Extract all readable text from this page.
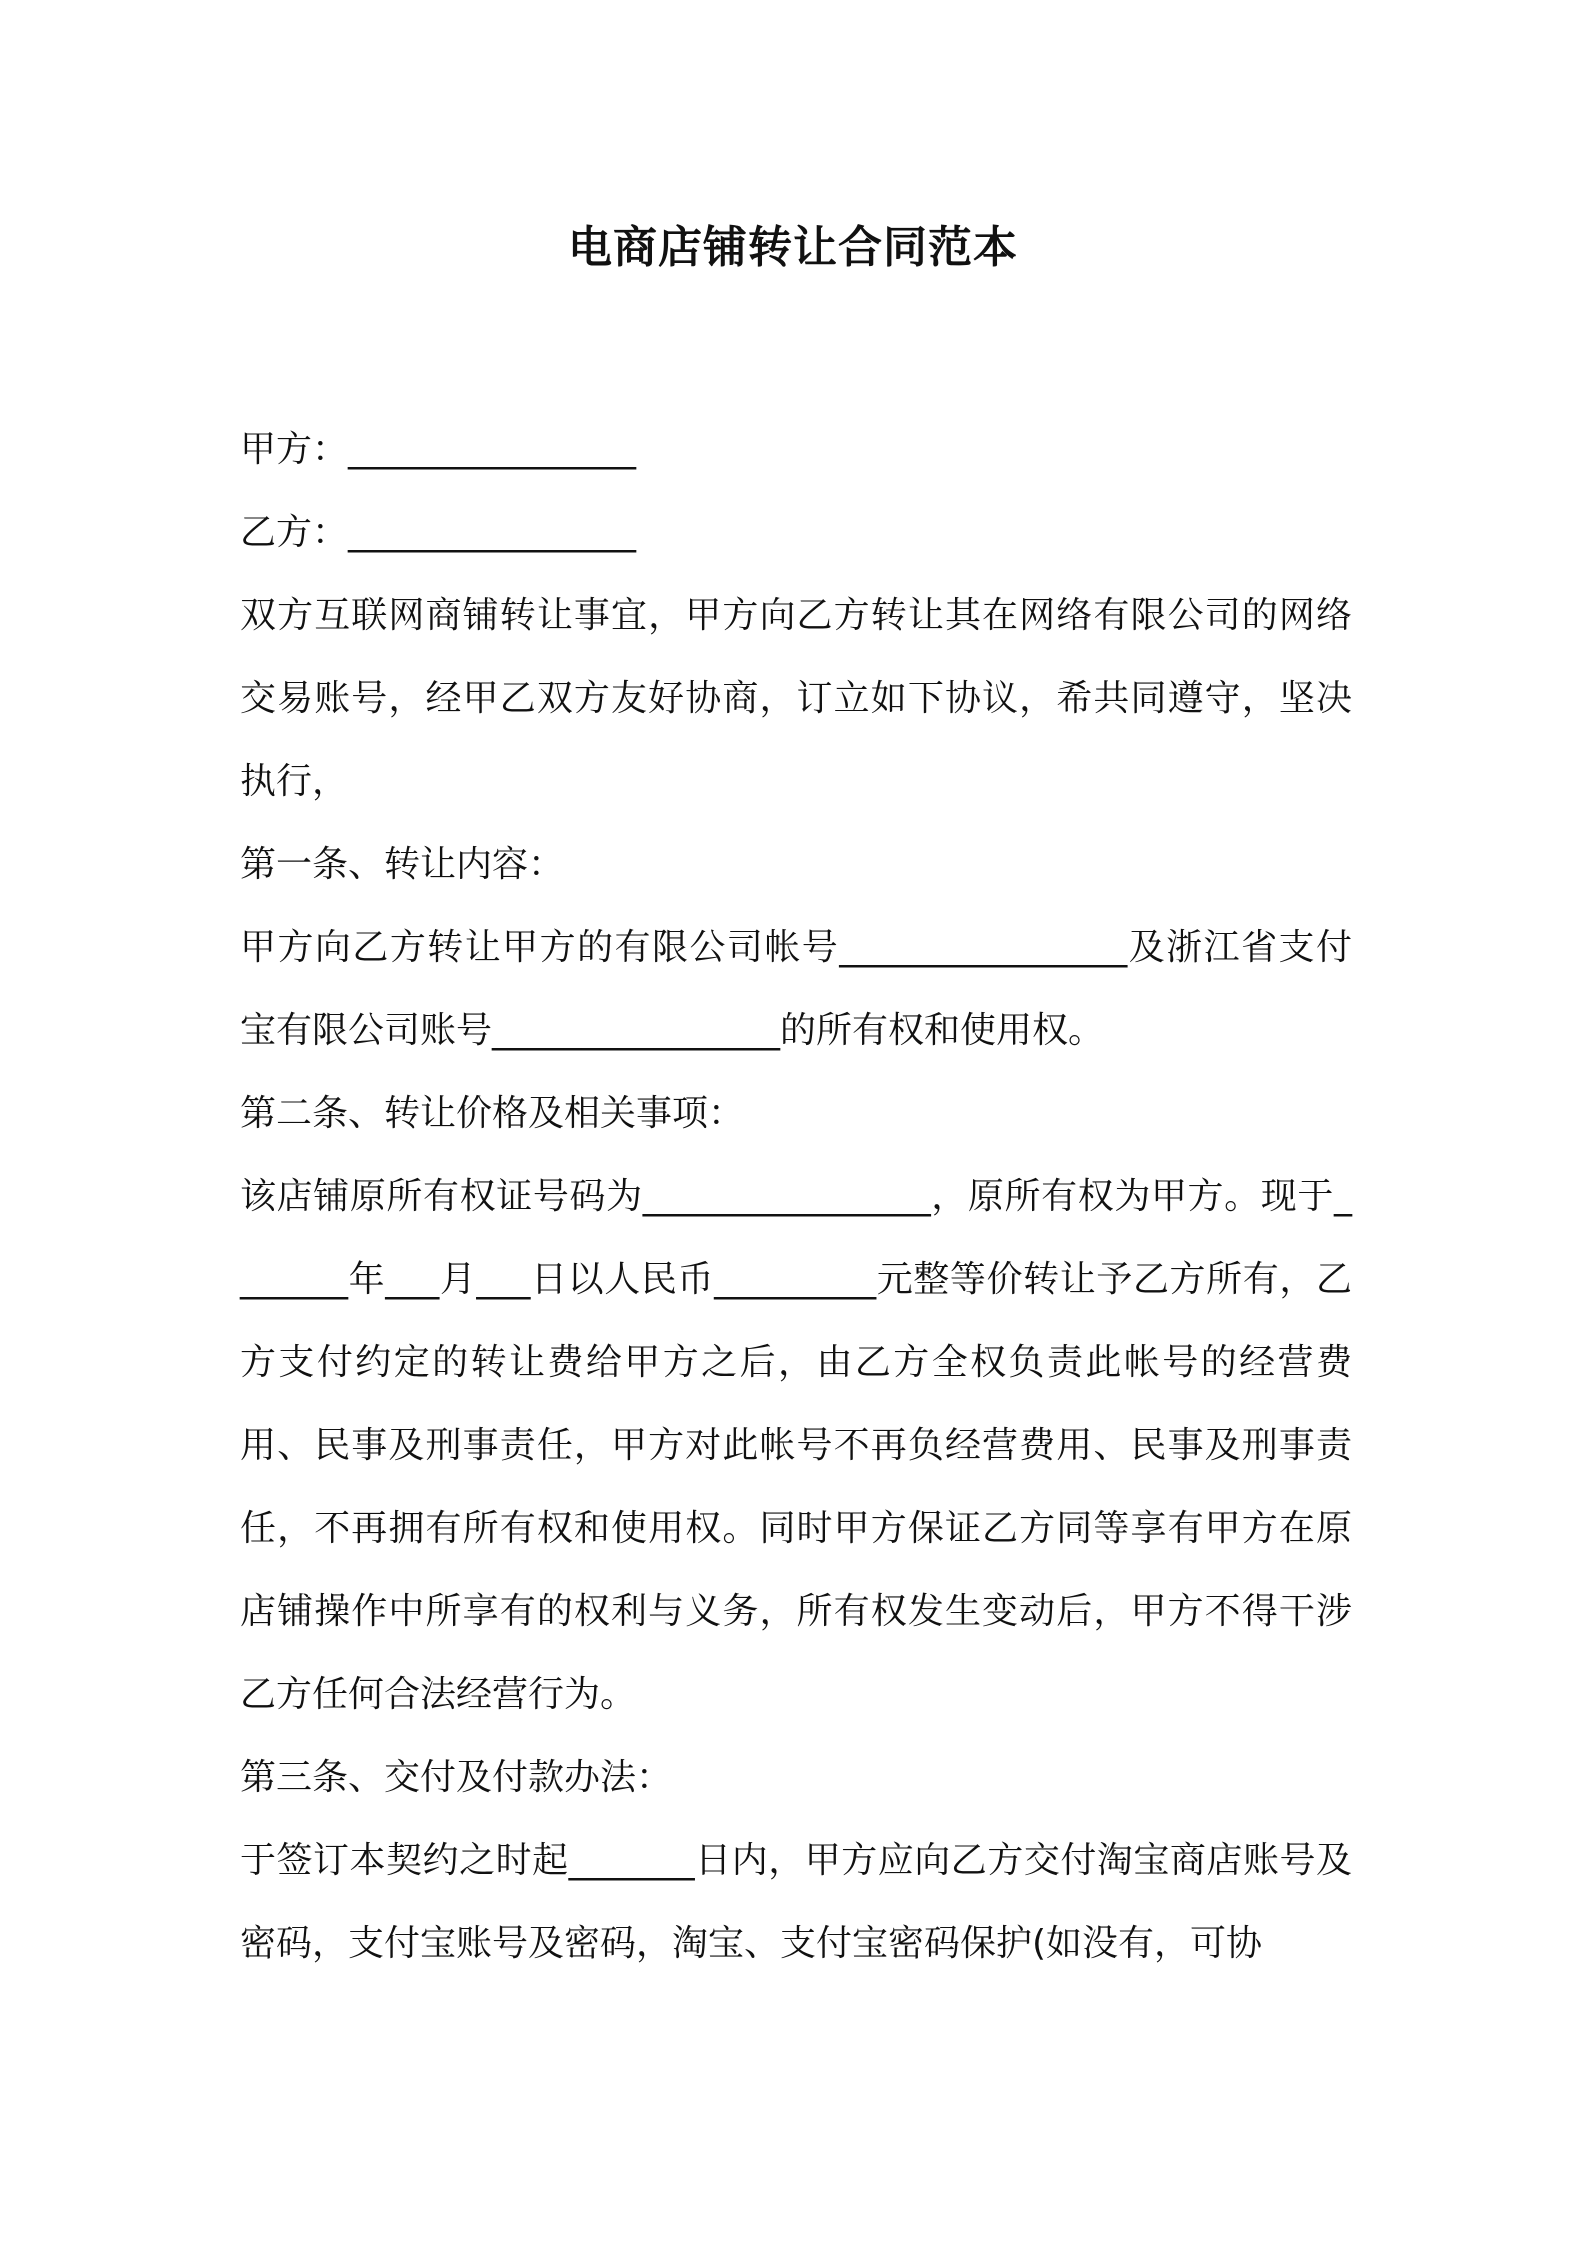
电商店铺转让合同范本

甲方：________________

乙方：________________

双方互联网商铺转让事宜，甲方向乙方转让其在网络有限公司的网络交易账号，经甲乙双方友好协商，订立如下协议，希共同遵守，坚决执行，

第一条、转让内容：

甲方向乙方转让甲方的有限公司帐号________________及浙江省支付宝有限公司账号________________的所有权和使用权。

第二条、转让价格及相关事项：

该店铺原所有权证号码为________________，原所有权为甲方。现于_______年___月___日以人民币_________元整等价转让予乙方所有，乙方支付约定的转让费给甲方之后，由乙方全权负责此帐号的经营费用、民事及刑事责任，甲方对此帐号不再负经营费用、民事及刑事责任，不再拥有所有权和使用权。同时甲方保证乙方同等享有甲方在原店铺操作中所享有的权利与义务，所有权发生变动后，甲方不得干涉乙方任何合法经营行为。

第三条、交付及付款办法：

于签订本契约之时起_______日内，甲方应向乙方交付淘宝商店账号及密码，支付宝账号及密码，淘宝、支付宝密码保护(如没有，可协
